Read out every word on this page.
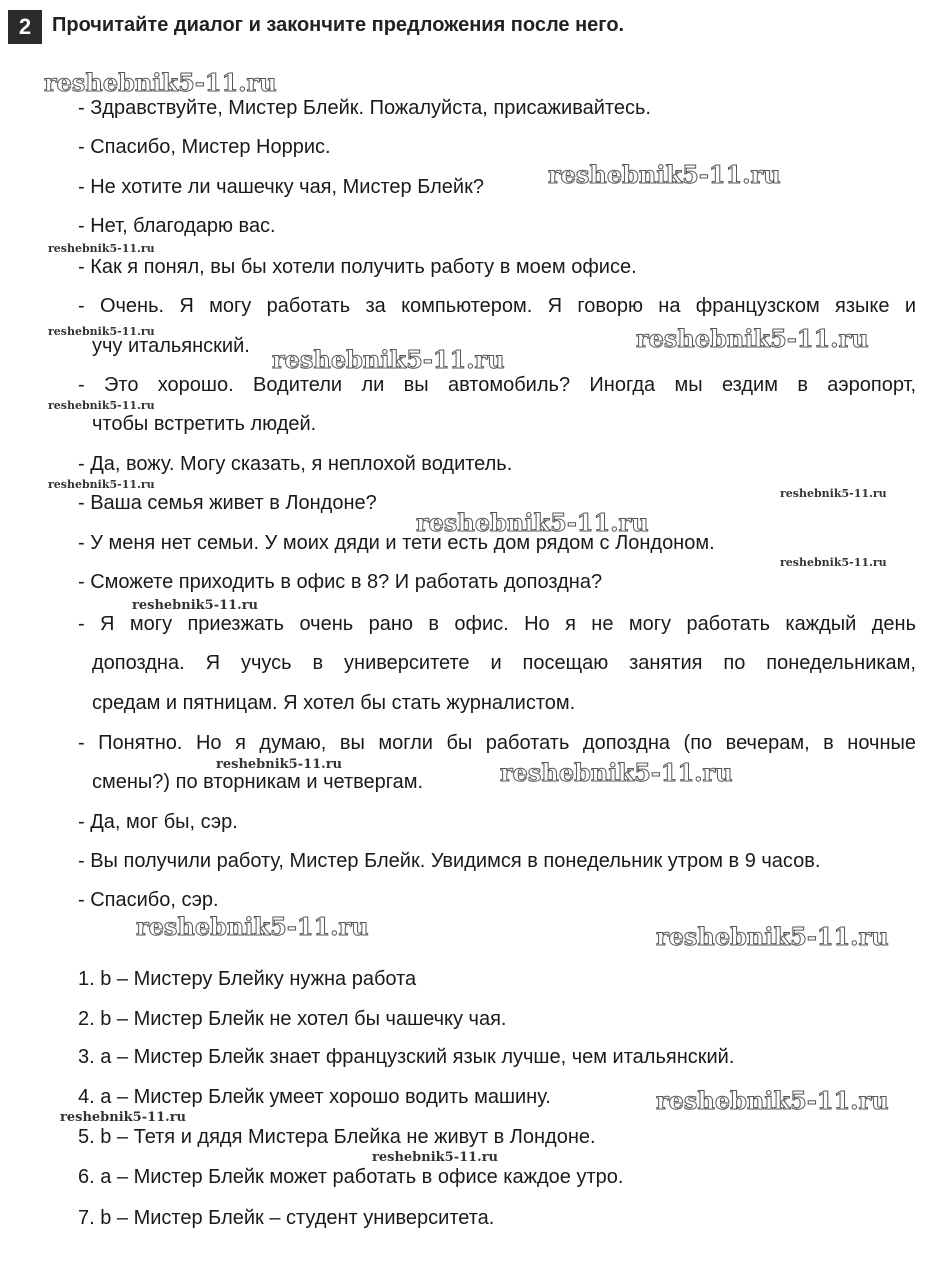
2	Прочитайте диалог и закончите предложения после него.
- Здравствуйте, Мистер Блейк. Пожалуйста, присаживайтесь.
- Спасибо, Мистер Норрис.
- Не хотите ли чашечку чая, Мистер Блейк?
- Нет, благодарю вас.
- Как я понял, вы бы хотели получить работу в моем офисе.
- Очень. Я могу работать за компьютером. Я говорю на французском языке и
учу итальянский.
- Это хорошо. Водители ли вы автомобиль? Иногда мы ездим в аэропорт,
чтобы встретить людей.
- Да, вожу. Могу сказать, я неплохой водитель.
- Ваша семья живет в Лондоне?
- У меня нет семьи. У моих дяди и тети есть дом рядом с Лондоном.
- Сможете приходить в офис в 8? И работать допоздна?
- Я могу приезжать очень рано в офис. Но я не могу работать каждый день
допоздна. Я учусь в университете и посещаю занятия по понедельникам,
средам и пятницам. Я хотел бы стать журналистом.
- Понятно. Но я думаю, вы могли бы работать допоздна (по вечерам, в ночные
смены?) по вторникам и четвергам.
- Да, мог бы, сэр.
- Вы получили работу, Мистер Блейк. Увидимся в понедельник утром в 9 часов.
- Спасибо, сэр.
1. b – Мистеру Блейку нужна работа
2. b – Мистер Блейк не хотел бы чашечку чая.
3. a – Мистер Блейк знает французский язык лучше, чем итальянский.
4. a – Мистер Блейк умеет хорошо водить машину.
5. b – Тетя и дядя Мистера Блейка не живут в Лондоне.
6. a – Мистер Блейк может работать в офисе каждое утро.
7. b – Мистер Блейк – студент университета.
reshebnik5-11.ru
reshebnik5-11.ru
reshebnik5-11.ru
reshebnik5-11.ru	reshebnik5-11.ru
reshebnik5-11.ru
reshebnik5-11.ru
reshebnik5-11.ru
reshebnik5-11.ru
reshebnik5-11.ru
reshebnik5-11.ru
reshebnik5-11.ru
reshebnik5-11.ru	reshebnik5-11.ru
reshebnik5-11.ru	reshebnik5-11.ru
reshebnik5-11.ru
reshebnik5-11.ru
reshebnik5-11.ru
